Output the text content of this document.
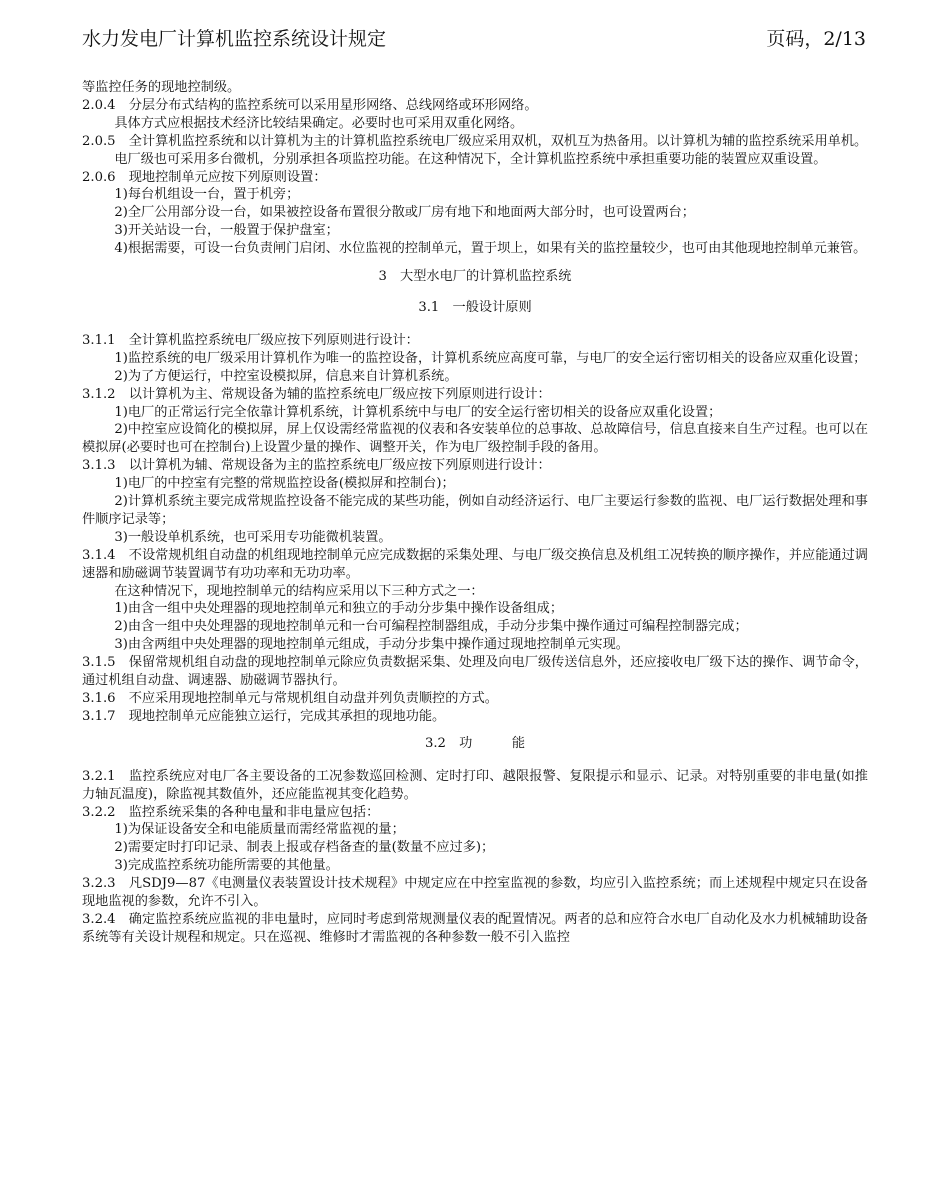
水力发电厂计算机监控系统设计规定	页码，2/13

等监控任务的现地控制级。

2.0.4　分层分布式结构的监控系统可以采用星形网络、总线网络或环形网络。

具体方式应根据技术经济比较结果确定。必要时也可采用双重化网络。

2.0.5　全计算机监控系统和以计算机为主的计算机监控系统电厂级应采用双机，双机互为热备用。以计算机为辅的监控系统采用单机。

电厂级也可采用多台微机，分别承担各项监控功能。在这种情况下，全计算机监控系统中承担重要功能的装置应双重设置。

2.0.6　现地控制单元应按下列原则设置：

1)每台机组设一台，置于机旁；

2)全厂公用部分设一台，如果被控设备布置很分散或厂房有地下和地面两大部分时，也可设置两台；

3)开关站设一台，一般置于保护盘室；

4)根据需要，可设一台负责闸门启闭、水位监视的控制单元，置于坝上，如果有关的监控量较少，也可由其他现地控制单元兼管。

3　大型水电厂的计算机监控系统

3.1　一般设计原则

3.1.1　全计算机监控系统电厂级应按下列原则进行设计：

1)监控系统的电厂级采用计算机作为唯一的监控设备，计算机系统应高度可靠，与电厂的安全运行密切相关的设备应双重化设置；

2)为了方便运行，中控室设模拟屏，信息来自计算机系统。

3.1.2　以计算机为主、常规设备为辅的监控系统电厂级应按下列原则进行设计：

1)电厂的正常运行完全依靠计算机系统，计算机系统中与电厂的安全运行密切相关的设备应双重化设置；

2)中控室应设简化的模拟屏，屏上仅设需经常监视的仪表和各安装单位的总事故、总故障信号，信息直接来自生产过程。也可以在模拟屏(必要时也可在控制台)上设置少量的操作、调整开关，作为电厂级控制手段的备用。

3.1.3　以计算机为辅、常规设备为主的监控系统电厂级应按下列原则进行设计：

1)电厂的中控室有完整的常规监控设备(模拟屏和控制台)；

2)计算机系统主要完成常规监控设备不能完成的某些功能，例如自动经济运行、电厂主要运行参数的监视、电厂运行数据处理和事件顺序记录等；

3)一般设单机系统，也可采用专功能微机装置。

3.1.4　不设常规机组自动盘的机组现地控制单元应完成数据的采集处理、与电厂级交换信息及机组工况转换的顺序操作，并应能通过调速器和励磁调节装置调节有功功率和无功功率。

在这种情况下，现地控制单元的结构应采用以下三种方式之一：

1)由含一组中央处理器的现地控制单元和独立的手动分步集中操作设备组成；

2)由含一组中央处理器的现地控制单元和一台可编程控制器组成，手动分步集中操作通过可编程控制器完成；

3)由含两组中央处理器的现地控制单元组成，手动分步集中操作通过现地控制单元实现。

3.1.5　保留常规机组自动盘的现地控制单元除应负责数据采集、处理及向电厂级传送信息外，还应接收电厂级下达的操作、调节命令，通过机组自动盘、调速器、励磁调节器执行。

3.1.6　不应采用现地控制单元与常规机组自动盘并列负责顺控的方式。

3.1.7　现地控制单元应能独立运行，完成其承担的现地功能。

3.2　功　　　能

3.2.1　监控系统应对电厂各主要设备的工况参数巡回检测、定时打印、越限报警、复限提示和显示、记录。对特别重要的非电量(如推力轴瓦温度)，除监视其数值外，还应能监视其变化趋势。

3.2.2　监控系统采集的各种电量和非电量应包括：

1)为保证设备安全和电能质量而需经常监视的量；

2)需要定时打印记录、制表上报或存档备查的量(数量不应过多)；

3)完成监控系统功能所需要的其他量。

3.2.3　凡SDJ9—87《电测量仪表装置设计技术规程》中规定应在中控室监视的参数，均应引入监控系统；而上述规程中规定只在设备现地监视的参数，允许不引入。

3.2.4　确定监控系统应监视的非电量时，应同时考虑到常规测量仪表的配置情况。两者的总和应符合水电厂自动化及水力机械辅助设备系统等有关设计规程和规定。只在巡视、维修时才需监视的各种参数一般不引入监控
